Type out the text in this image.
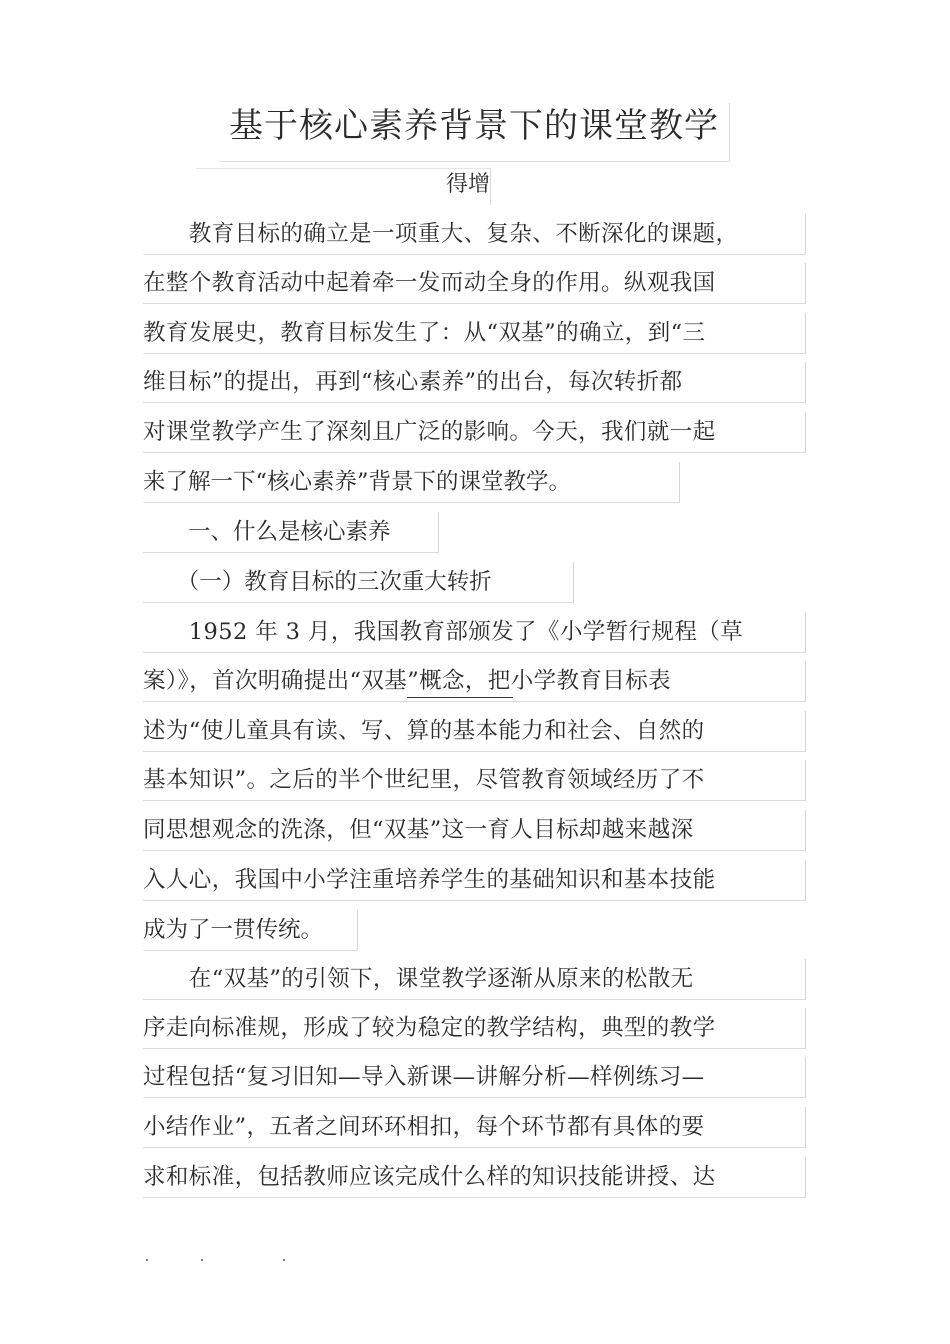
基于核心素养背景下的课堂教学
得增
　　教育目标的确立是一项重大、复杂、不断深化的课题，
在整个教育活动中起着牵一发而动全身的作用。纵观我国
教育发展史，教育目标发生了：从“双基”的确立，到“三
维目标”的提出，再到“核心素养”的出台，每次转折都
对课堂教学产生了深刻且广泛的影响。今天，我们就一起
来了解一下“核心素养”背景下的课堂教学。
　　一、什么是核心素养
　　（一）教育目标的三次重大转折
　　1952 年 3 月，我国教育部颁发了《小学暂行规程（草
案）》，首次明确提出“双基”概念，把小学教育目标表
述为“使儿童具有读、写、算的基本能力和社会、自然的
基本知识”。之后的半个世纪里，尽管教育领域经历了不
同思想观念的洗涤，但“双基”这一育人目标却越来越深
入人心，我国中小学注重培养学生的基础知识和基本技能
成为了一贯传统。
　　在“双基”的引领下，课堂教学逐渐从原来的松散无
序走向标准规，形成了较为稳定的教学结构，典型的教学
过程包括“复习旧知—导入新课—讲解分析—样例练习—
小结作业”，五者之间环环相扣，每个环节都有具体的要
求和标准，包括教师应该完成什么样的知识技能讲授、达
